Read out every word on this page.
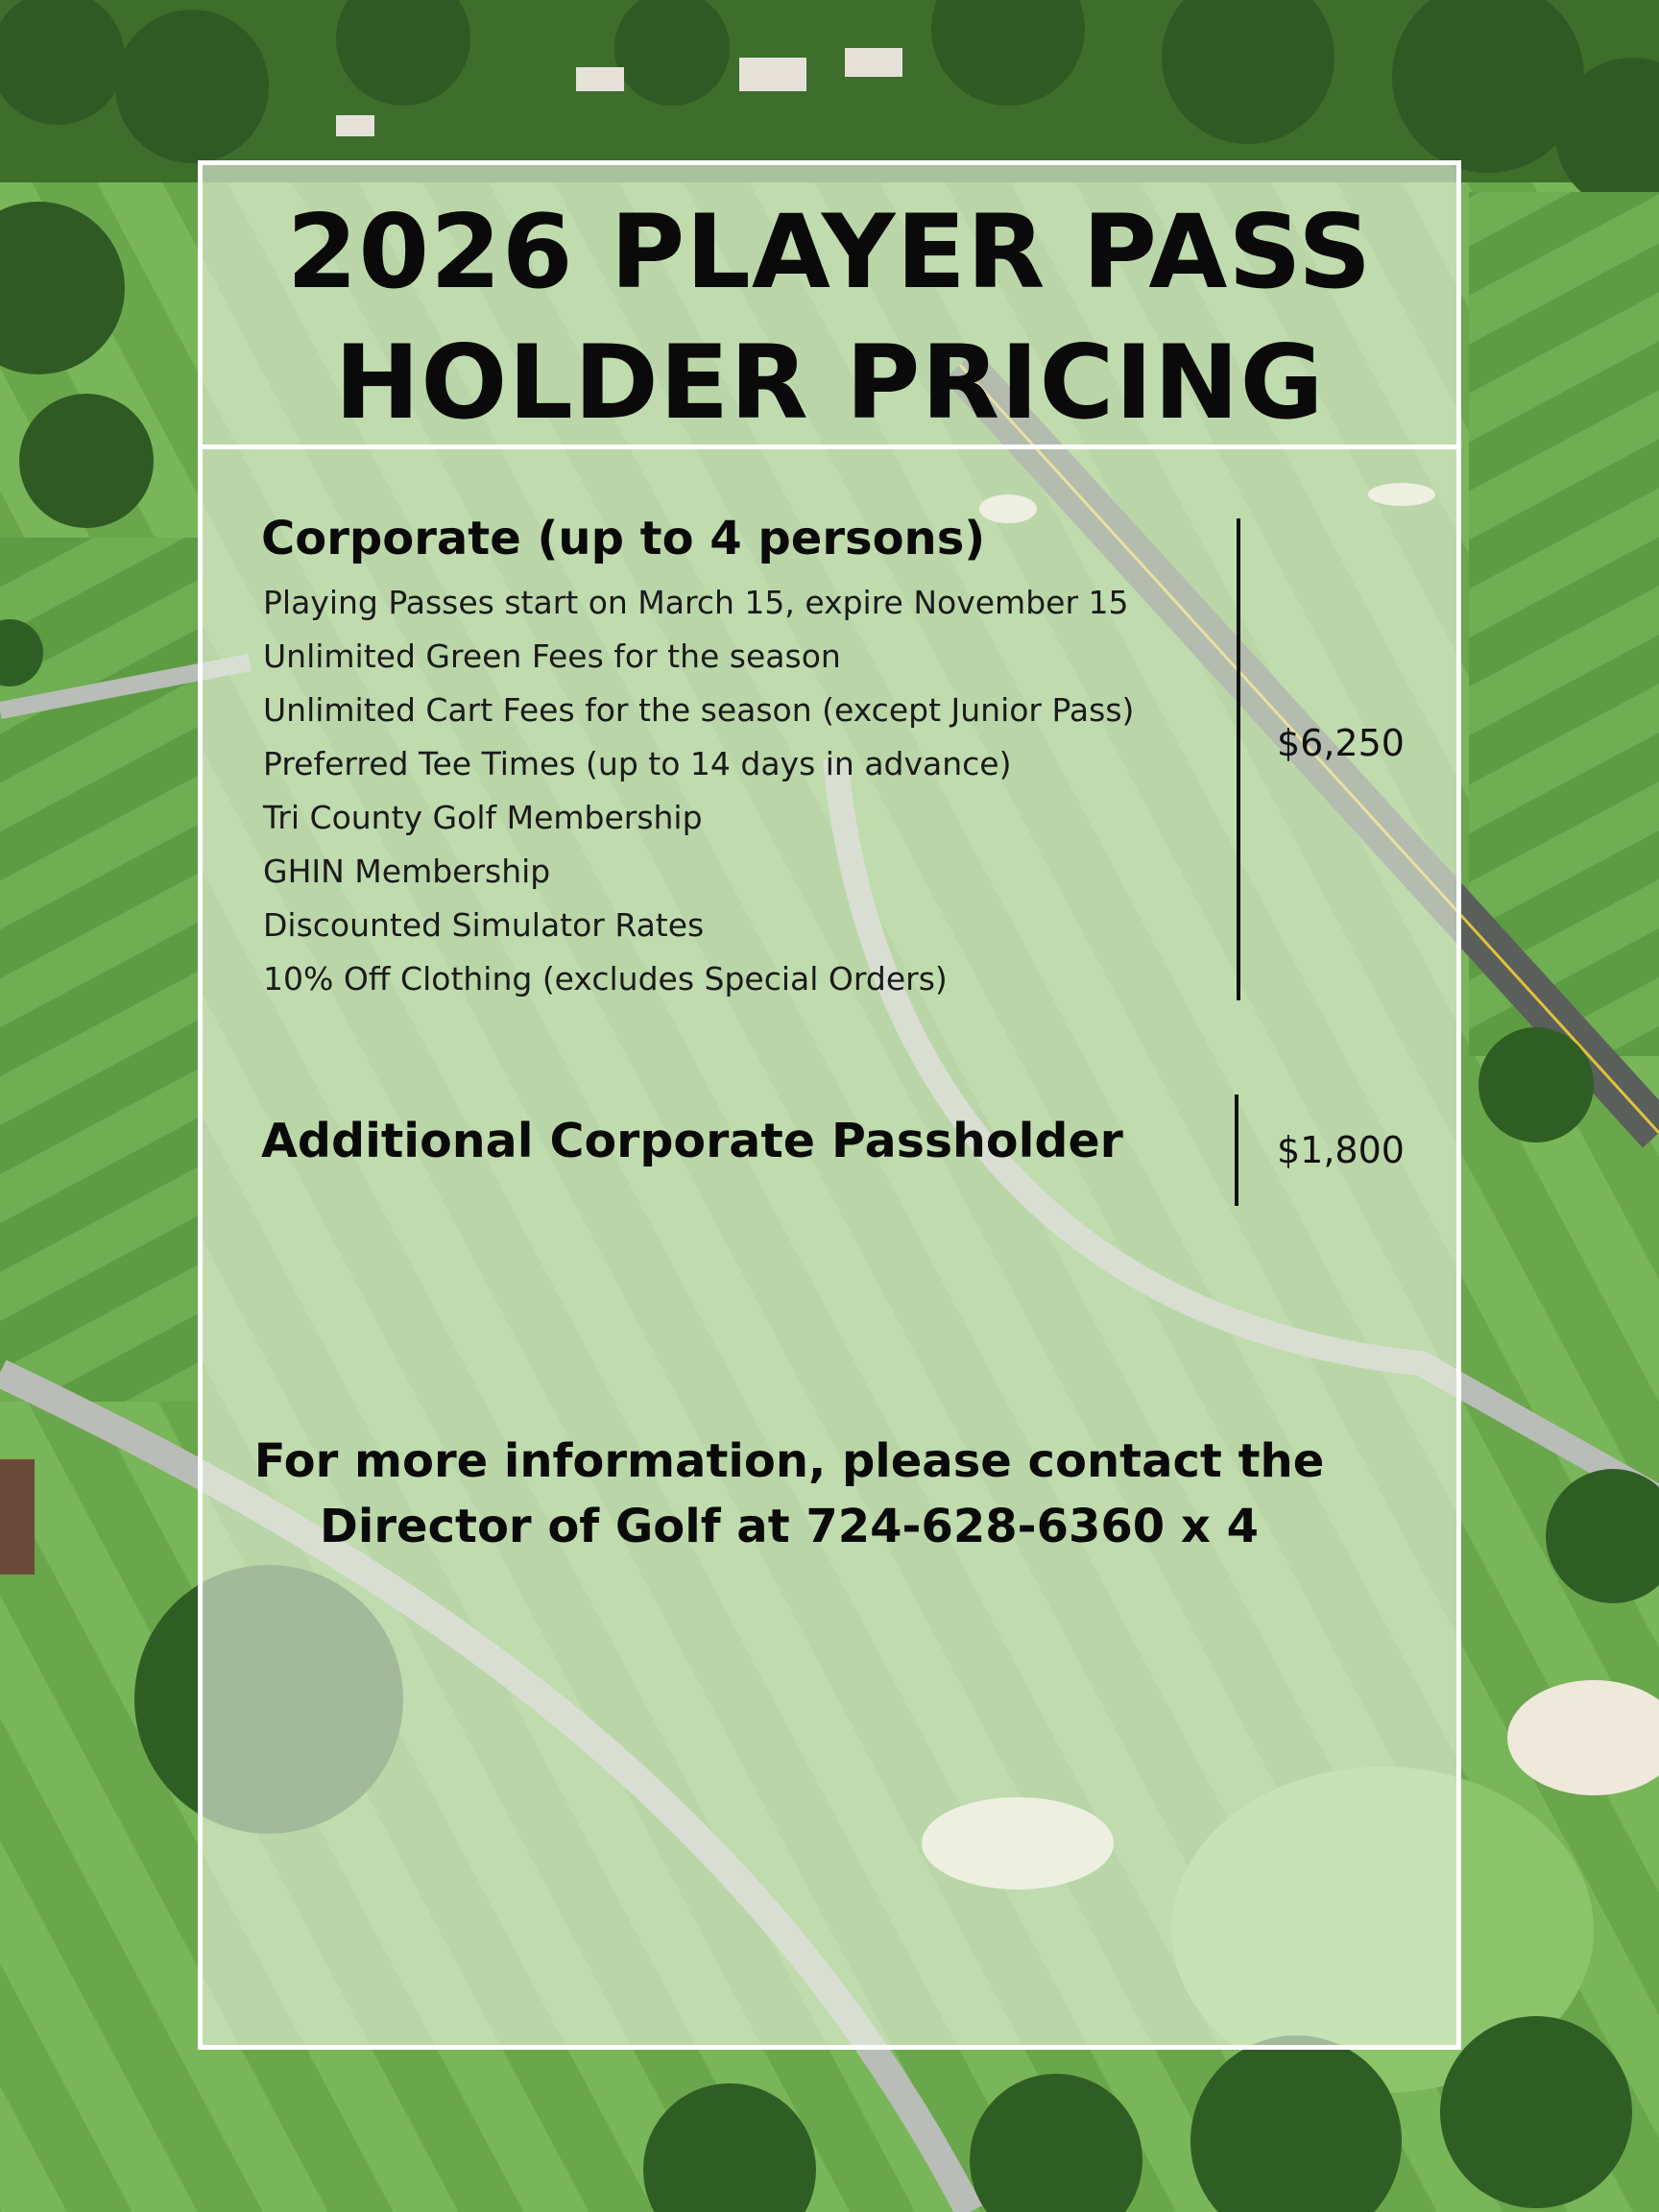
2026 PLAYER PASS
HOLDER PRICING
Corporate (up to 4 persons)
Playing Passes start on March 15, expire November 15
Unlimited Green Fees for the season
Unlimited Cart Fees for the season (except Junior Pass)
Preferred Tee Times (up to 14 days in advance)
Tri County Golf Membership
GHIN Membership
Discounted Simulator Rates
10% Off Clothing (excludes Special Orders)
$6,250
Additional Corporate Passholder	$1,800
For more information, please contact the
Director of Golf at 724-628-6360 x 4
